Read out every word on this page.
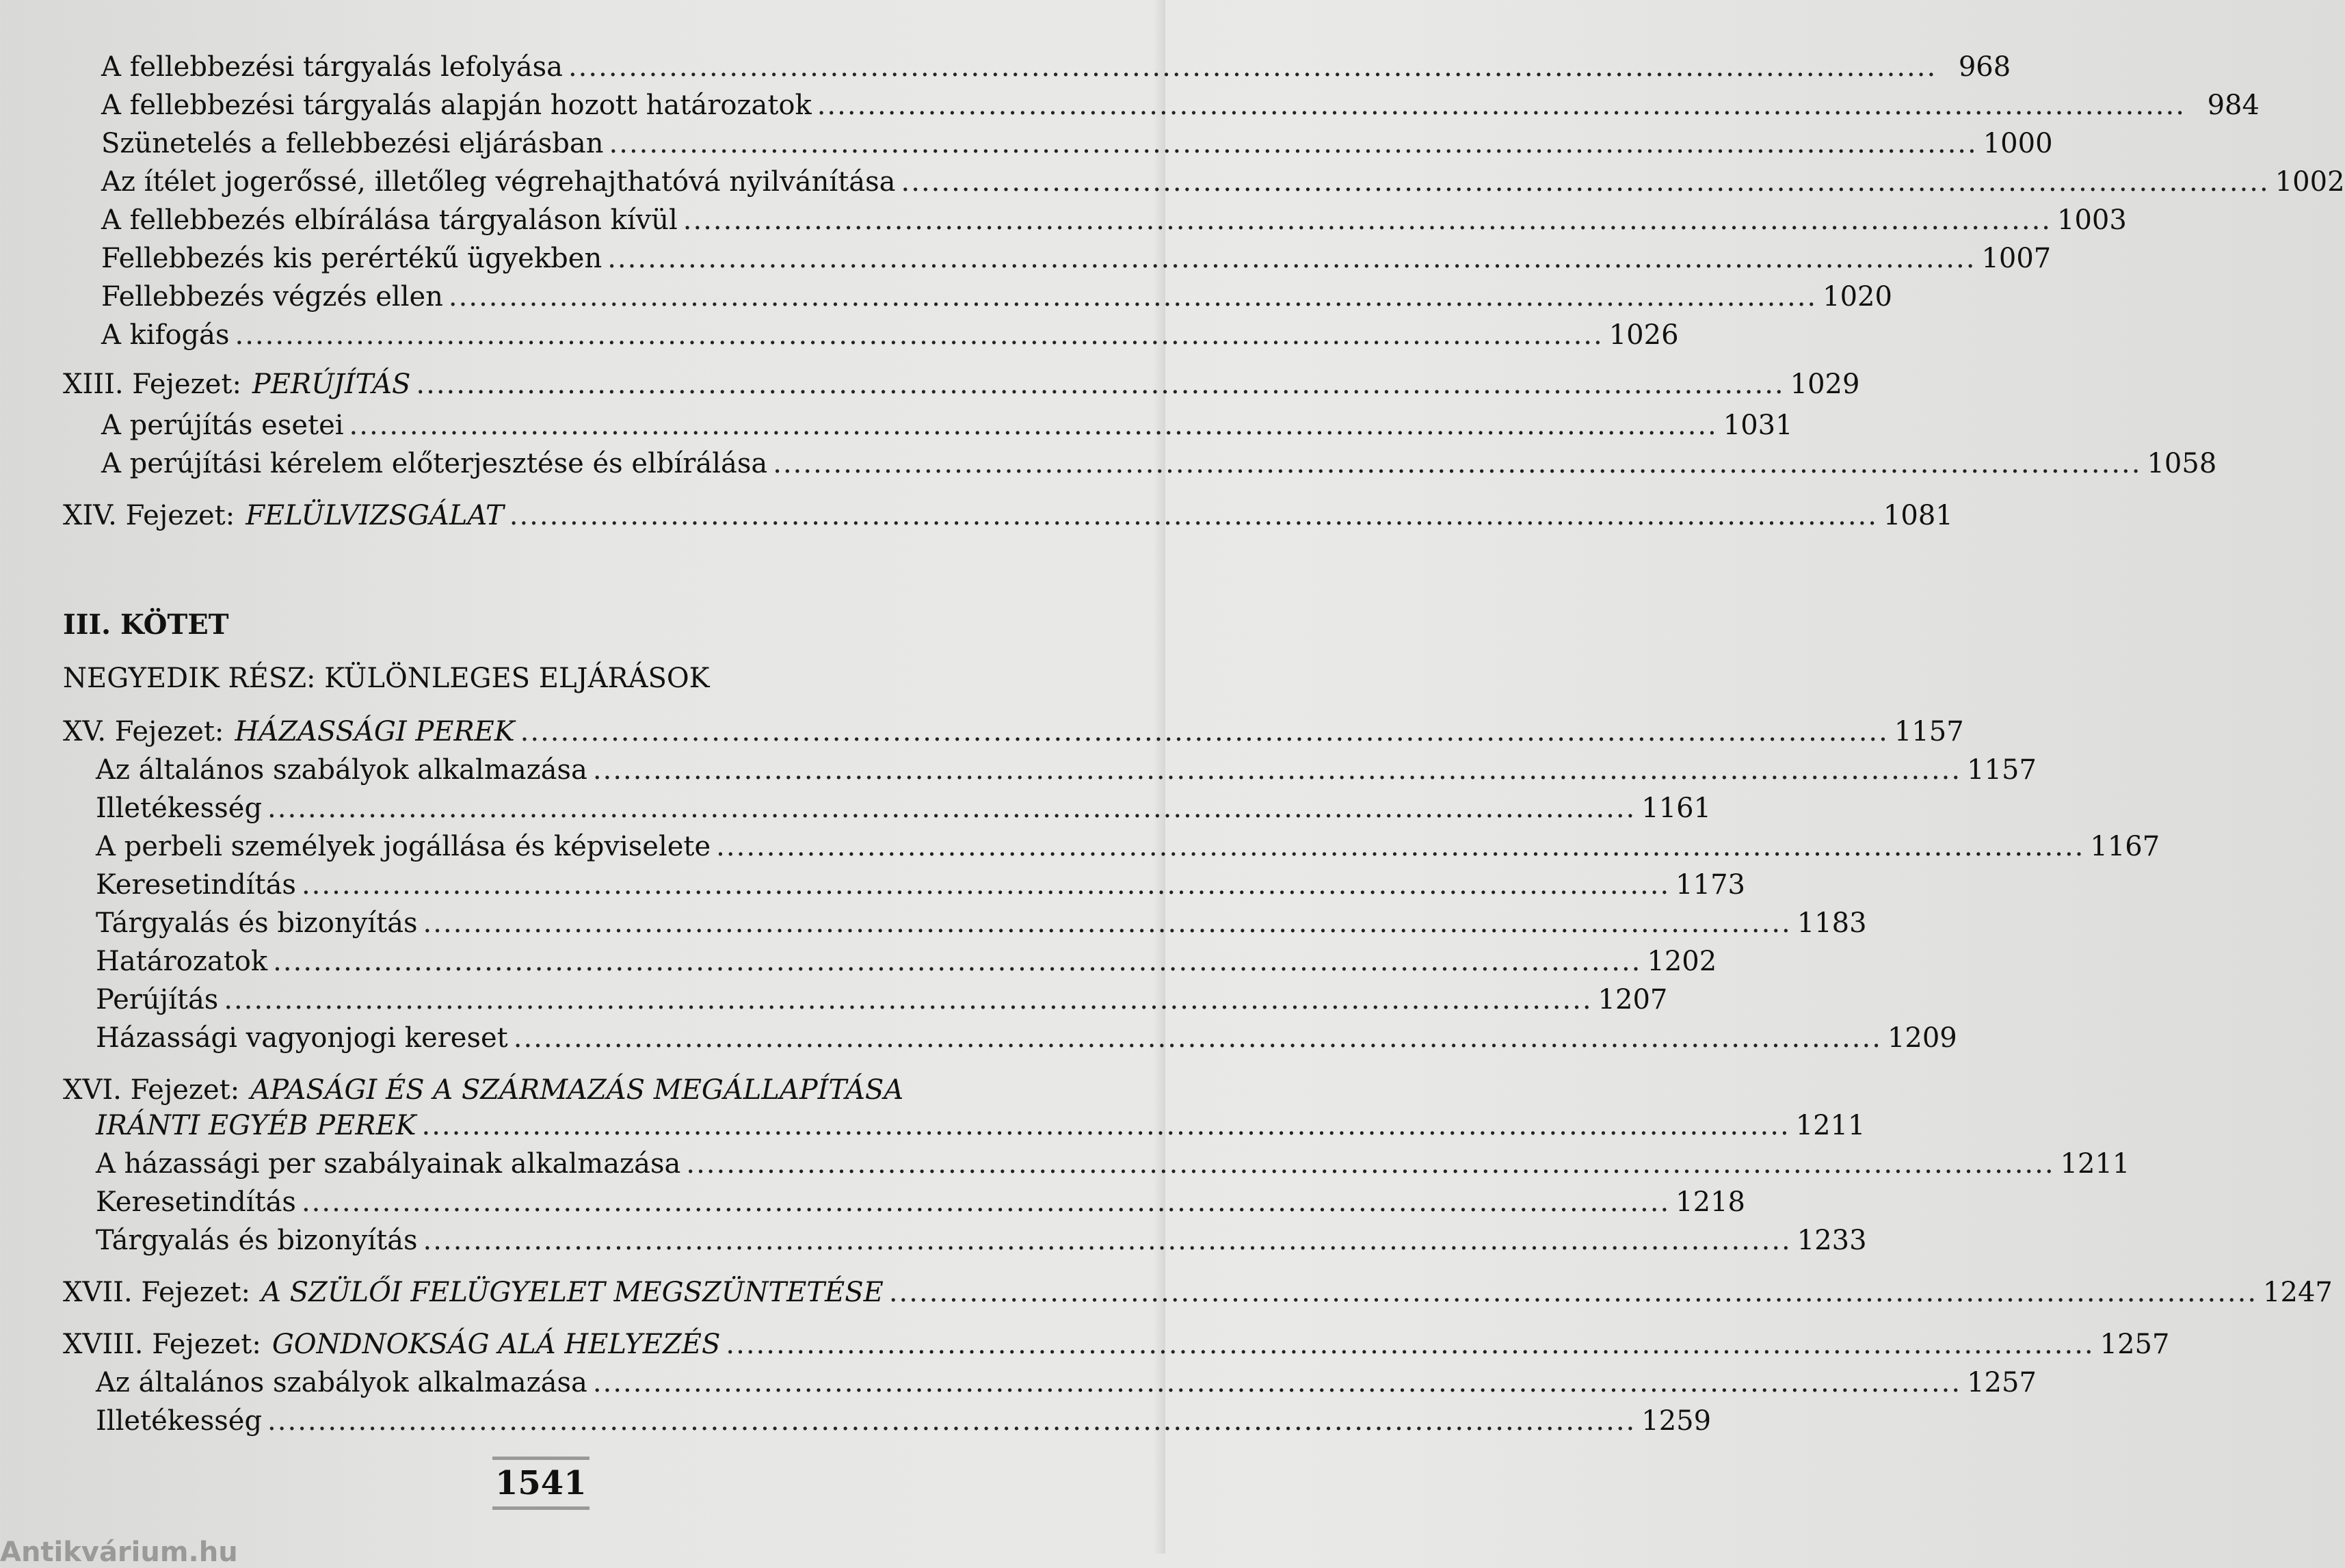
A fellebbezési tárgyalás lefolyása .....	968
A fellebbezési tárgyalás alapján hozott határozatok .....	984
Szünetelés a fellebbezési eljárásban .....	1000
Az ítélet jogerőssé, illetőleg végrehajthatóvá nyilvánítása .....	1002
A fellebbezés elbírálása tárgyaláson kívül .....	1003
Fellebbezés kis perértékű ügyekben .....	1007
Fellebbezés végzés ellen .....	1020
A kifogás .....	1026
XIII. Fejezet: PERÚJÍTÁS .....	1029
A perújítás esetei .....	1031
A perújítási kérelem előterjesztése és elbírálása .....	1058
XIV. Fejezet: FELÜLVIZSGÁLAT .....	1081
III. KÖTET
NEGYEDIK RÉSZ: KÜLÖNLEGES ELJÁRÁSOK
XV. Fejezet: HÁZASSÁGI PEREK .....	1157
Az általános szabályok alkalmazása .....	1157
Illetékesség .....	1161
A perbeli személyek jogállása és képviselete .....	1167
Keresetindítás .....	1173
Tárgyalás és bizonyítás .....	1183
Határozatok .....	1202
Perújítás .....	1207
Házassági vagyonjogi kereset .....	1209
XVI. Fejezet: APASÁGI ÉS A SZÁRMAZÁS MEGÁLLAPÍTÁSA
IRÁNTI EGYÉB PEREK .....	1211
A házassági per szabályainak alkalmazása .....	1211
Keresetindítás .....	1218
Tárgyalás és bizonyítás .....	1233
XVII. Fejezet: A SZÜLŐI FELÜGYELET MEGSZÜNTETÉSE .....	1247
XVIII. Fejezet: GONDNOKSÁG ALÁ HELYEZÉS .....	1257
Az általános szabályok alkalmazása .....	1257
Illetékesség .....	1259
1541
Antikvárium.hu
